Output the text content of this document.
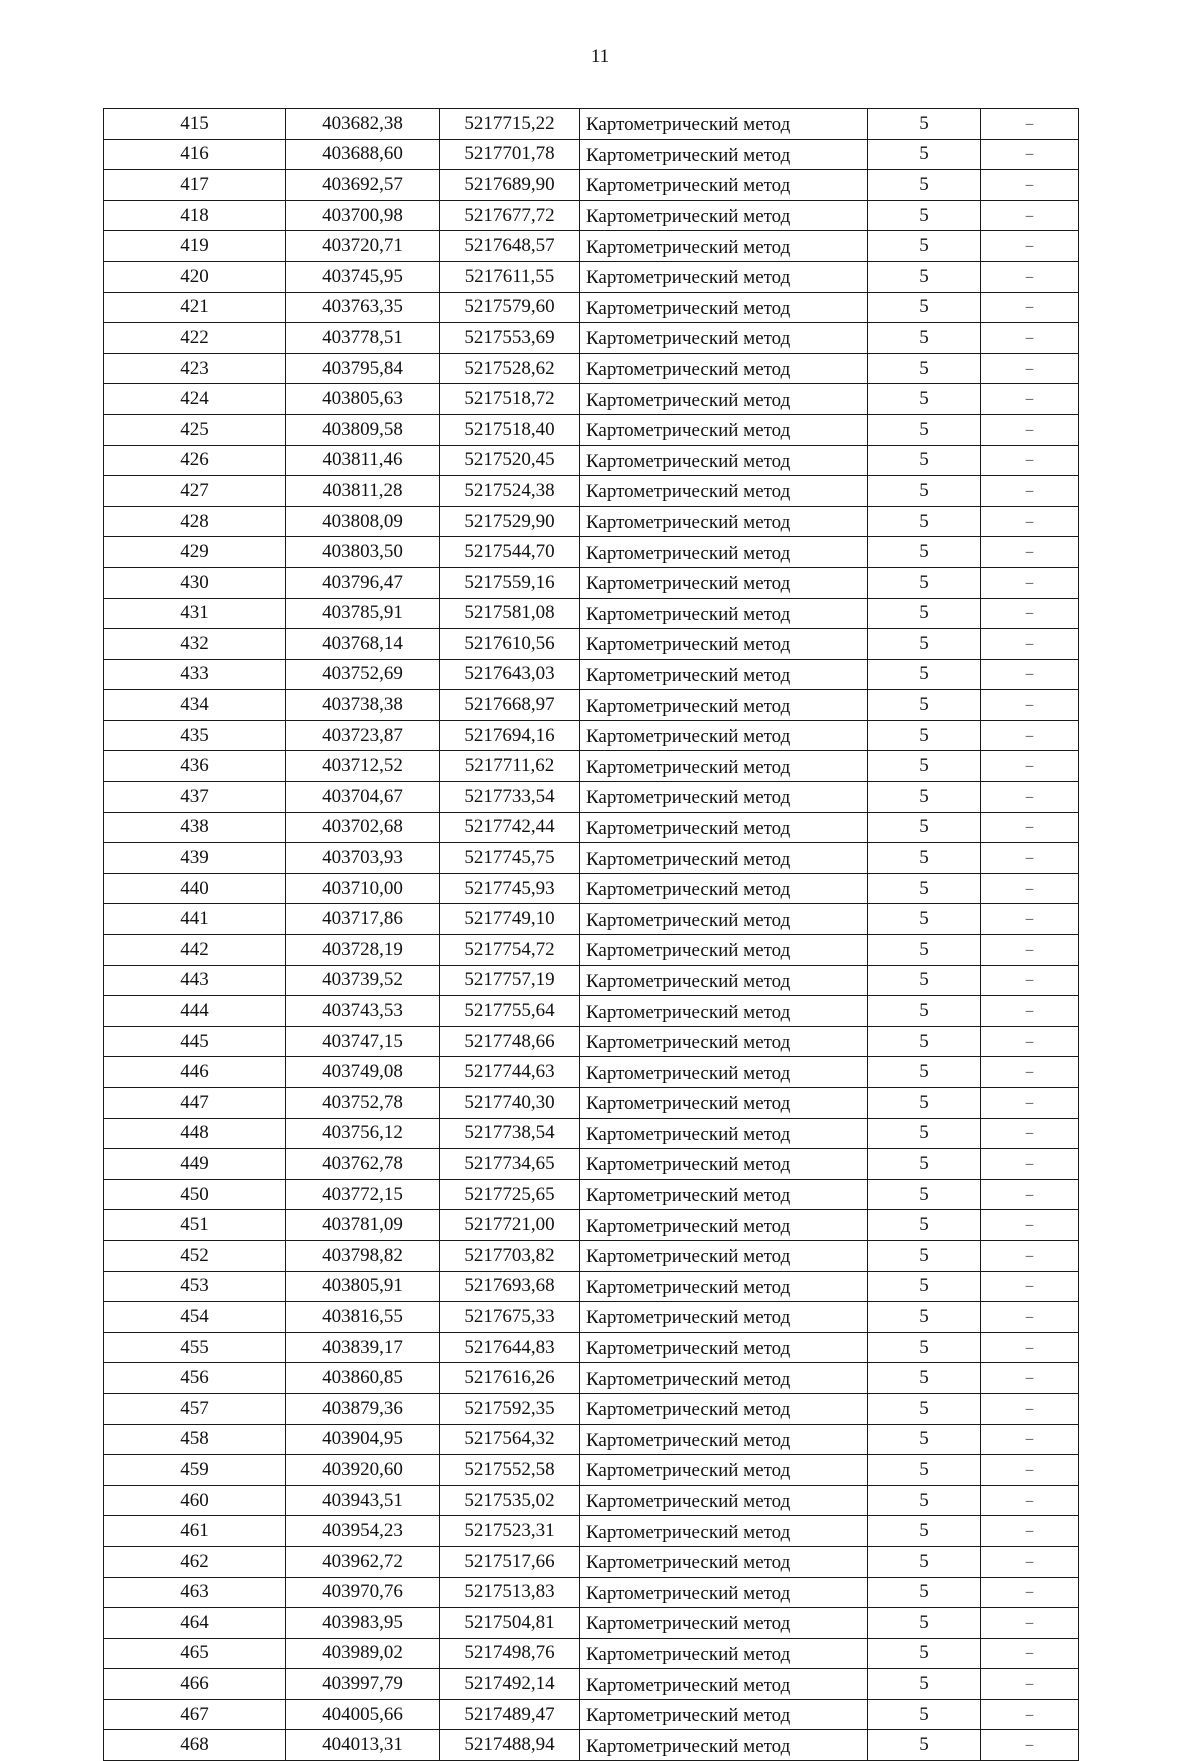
11
415	403682,38	5217715,22	Картометрический метод	5	–
416	403688,60	5217701,78	Картометрический метод	5	–
417	403692,57	5217689,90	Картометрический метод	5	–
418	403700,98	5217677,72	Картометрический метод	5	–
419	403720,71	5217648,57	Картометрический метод	5	–
420	403745,95	5217611,55	Картометрический метод	5	–
421	403763,35	5217579,60	Картометрический метод	5	–
422	403778,51	5217553,69	Картометрический метод	5	–
423	403795,84	5217528,62	Картометрический метод	5	–
424	403805,63	5217518,72	Картометрический метод	5	–
425	403809,58	5217518,40	Картометрический метод	5	–
426	403811,46	5217520,45	Картометрический метод	5	–
427	403811,28	5217524,38	Картометрический метод	5	–
428	403808,09	5217529,90	Картометрический метод	5	–
429	403803,50	5217544,70	Картометрический метод	5	–
430	403796,47	5217559,16	Картометрический метод	5	–
431	403785,91	5217581,08	Картометрический метод	5	–
432	403768,14	5217610,56	Картометрический метод	5	–
433	403752,69	5217643,03	Картометрический метод	5	–
434	403738,38	5217668,97	Картометрический метод	5	–
435	403723,87	5217694,16	Картометрический метод	5	–
436	403712,52	5217711,62	Картометрический метод	5	–
437	403704,67	5217733,54	Картометрический метод	5	–
438	403702,68	5217742,44	Картометрический метод	5	–
439	403703,93	5217745,75	Картометрический метод	5	–
440	403710,00	5217745,93	Картометрический метод	5	–
441	403717,86	5217749,10	Картометрический метод	5	–
442	403728,19	5217754,72	Картометрический метод	5	–
443	403739,52	5217757,19	Картометрический метод	5	–
444	403743,53	5217755,64	Картометрический метод	5	–
445	403747,15	5217748,66	Картометрический метод	5	–
446	403749,08	5217744,63	Картометрический метод	5	–
447	403752,78	5217740,30	Картометрический метод	5	–
448	403756,12	5217738,54	Картометрический метод	5	–
449	403762,78	5217734,65	Картометрический метод	5	–
450	403772,15	5217725,65	Картометрический метод	5	–
451	403781,09	5217721,00	Картометрический метод	5	–
452	403798,82	5217703,82	Картометрический метод	5	–
453	403805,91	5217693,68	Картометрический метод	5	–
454	403816,55	5217675,33	Картометрический метод	5	–
455	403839,17	5217644,83	Картометрический метод	5	–
456	403860,85	5217616,26	Картометрический метод	5	–
457	403879,36	5217592,35	Картометрический метод	5	–
458	403904,95	5217564,32	Картометрический метод	5	–
459	403920,60	5217552,58	Картометрический метод	5	–
460	403943,51	5217535,02	Картометрический метод	5	–
461	403954,23	5217523,31	Картометрический метод	5	–
462	403962,72	5217517,66	Картометрический метод	5	–
463	403970,76	5217513,83	Картометрический метод	5	–
464	403983,95	5217504,81	Картометрический метод	5	–
465	403989,02	5217498,76	Картометрический метод	5	–
466	403997,79	5217492,14	Картометрический метод	5	–
467	404005,66	5217489,47	Картометрический метод	5	–
468	404013,31	5217488,94	Картометрический метод	5	–
